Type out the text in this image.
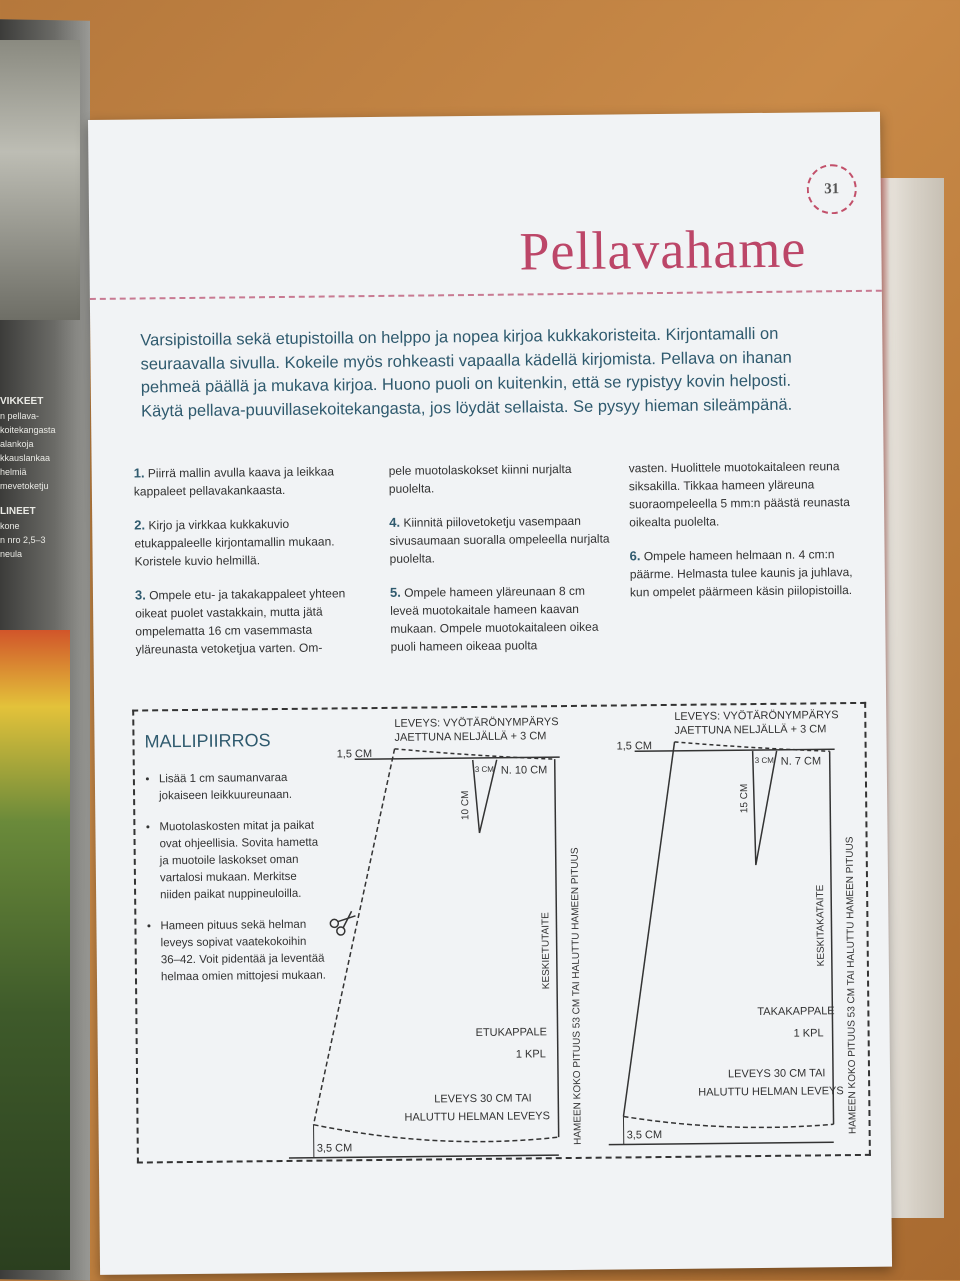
VIKKEET
n pellava-
koitekangasta
alankoja
kkauslankaa
helmiä
mevetoketju
LINEET
kone
n nro 2,5–3
neula
31
Pellavahame
Varsipistoilla sekä etupistoilla on helppo ja nopea kirjoa kukkakoristeita. Kirjontamalli on seuraavalla sivulla. Kokeile myös rohkeasti vapaalla kädellä kirjomista. Pellava on ihanan pehmeä päällä ja mukava kirjoa. Huono puoli on kuitenkin, että se rypistyy kovin helposti. Käytä pellava-puuvillasekoitekangasta, jos löydät sellaista. Se pysyy hieman sileämpänä.

1. Piirrä mallin avulla kaava ja leikkaa kappaleet pellavakankaasta.

2. Kirjo ja virkkaa kukkakuvio etukappaleelle kirjontamallin mukaan. Koristele kuvio helmillä.

3. Ompele etu- ja takakappaleet yhteen oikeat puolet vastakkain, mutta jätä ompelematta 16 cm vasemmasta yläreunasta vetoketjua varten. Om-

pele muotolaskokset kiinni nurjalta puolelta.

4. Kiinnitä piilovetoketju vasempaan sivusaumaan suoralla ompeleella nurjalta puolelta.

5. Ompele hameen yläreunaan 8 cm leveä muotokaitale hameen kaavan mukaan. Ompele muotokaitaleen oikea puoli hameen oikeaa puolta

vasten. Huolittele muotokaitaleen reuna siksakilla. Tikkaa hameen yläreuna suoraompeleella 5 mm:n päästä reunasta oikealta puolelta.

6. Ompele hameen helmaan n. 4 cm:n päärme. Helmasta tulee kaunis ja juhlava, kun ompelet päärmeen käsin piilopistoilla.

MALLIPIIRROS
• Lisää 1 cm saumanvaraa jokaiseen leikkuureunaan.
• Muotolaskosten mitat ja paikat ovat ohjeellisia. Sovita hametta ja muotoile laskokset oman vartalosi mukaan. Merkitse niiden paikat nuppineuloilla.
• Hameen pituus sekä helman leveys sopivat vaatekokoihin 36–42. Voit pidentää ja leventää helmaa omien mittojesi mukaan.
1,5 CM
LEVEYS: VYÖTÄRÖNYMPÄRYS
JAETTUNA NELJÄLLÄ + 3 CM
3 CM N. 10 CM
10 CM
KESKIETUTAITE HAMEEN KOKO PITUUS 53 CM TAI HALUTTU HAMEEN PITUUS
ETUKAPPALE
1 KPL
LEVEYS 30 CM TAI
HALUTTU HELMAN LEVEYS
3,5 CM
1,5 CM
LEVEYS: VYÖTÄRÖNYMPÄRYS
JAETTUNA NELJÄLLÄ + 3 CM
3 CM N. 7 CM
15 CM
KESKITAKATAITE HAMEEN KOKO PITUUS 53 CM TAI HALUTTU HAMEEN PITUUS
TAKAKAPPALE
1 KPL
LEVEYS 30 CM TAI
HALUTTU HELMAN LEVEYS
3,5 CM
